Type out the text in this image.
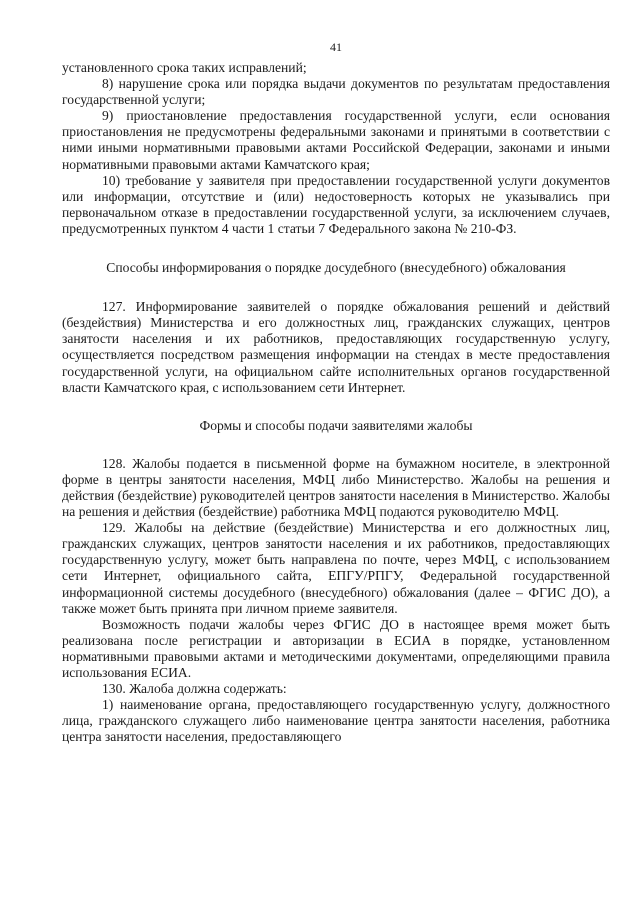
41

установленного срока таких исправлений;

8) нарушение срока или порядка выдачи документов по результатам предоставления государственной услуги;

9) приостановление предоставления государственной услуги, если основания приостановления не предусмотрены федеральными законами и принятыми в соответствии с ними иными нормативными правовыми актами Российской Федерации, законами и иными нормативными правовыми актами Камчатского края;

10) требование у заявителя при предоставлении государственной услуги документов или информации, отсутствие и (или) недостоверность которых не указывались при первоначальном отказе в предоставлении государственной услуги, за исключением случаев, предусмотренных пунктом 4 части 1 статьи 7 Федерального закона № 210-ФЗ.

Способы информирования о порядке досудебного (внесудебного) обжалования

127. Информирование заявителей о порядке обжалования решений и действий (бездействия) Министерства и его должностных лиц, гражданских служащих, центров занятости населения и их работников, предоставляющих государственную услугу, осуществляется посредством размещения информации на стендах в месте предоставления государственной услуги, на официальном сайте исполнительных органов государственной власти Камчатского края, с использованием сети Интернет.

Формы и способы подачи заявителями жалобы

128. Жалобы подается в письменной форме на бумажном носителе, в электронной форме в центры занятости населения, МФЦ либо Министерство. Жалобы на решения и действия (бездействие) руководителей центров занятости населения в Министерство. Жалобы на решения и действия (бездействие) работника МФЦ подаются руководителю МФЦ.

129. Жалобы на действие (бездействие) Министерства и его должностных лиц, гражданских служащих, центров занятости населения и их работников, предоставляющих государственную услугу, может быть направлена по почте, через МФЦ, с использованием сети Интернет, официального сайта, ЕПГУ/РПГУ, Федеральной государственной информационной системы досудебного (внесудебного) обжалования (далее – ФГИС ДО), а также может быть принята при личном приеме заявителя.

Возможность подачи жалобы через ФГИС ДО в настоящее время может быть реализована после регистрации и авторизации в ЕСИА в порядке, установленном нормативными правовыми актами и методическими документами, определяющими правила использования ЕСИА.

130. Жалоба должна содержать:

1) наименование органа, предоставляющего государственную услугу, должностного лица, гражданского служащего либо наименование центра занятости населения, работника центра занятости населения, предоставляющего
